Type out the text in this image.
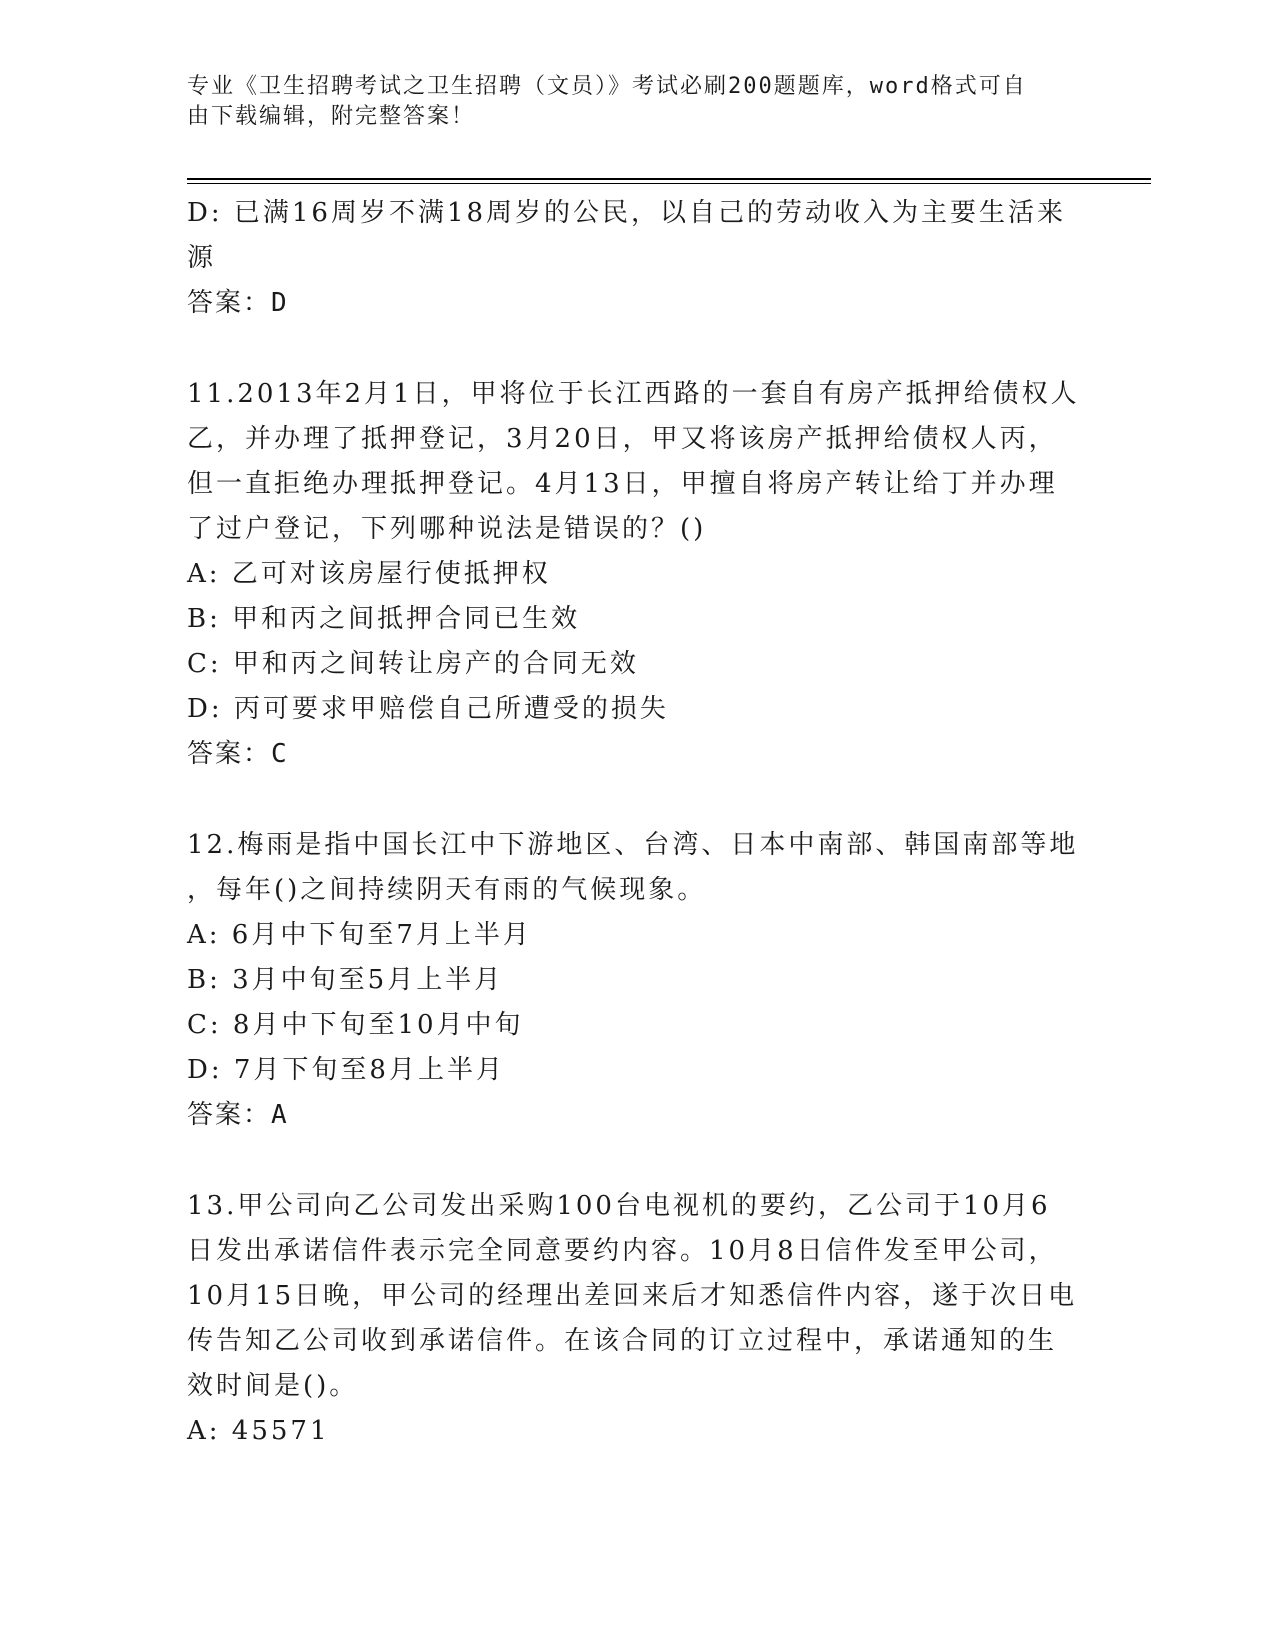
专业《卫生招聘考试之卫生招聘（文员）》考试必刷200题题库，word格式可自
由下载编辑，附完整答案！
D: 已满16周岁不满18周岁的公民，以自己的劳动收入为主要生活来
源
答案：D
11.2013年2月1日，甲将位于长江西路的一套自有房产抵押给债权人
乙，并办理了抵押登记，3月20日，甲又将该房产抵押给债权人丙，
但一直拒绝办理抵押登记。4月13日，甲擅自将房产转让给丁并办理
了过户登记，下列哪种说法是错误的？()
A: 乙可对该房屋行使抵押权
B: 甲和丙之间抵押合同已生效
C: 甲和丙之间转让房产的合同无效
D: 丙可要求甲赔偿自己所遭受的损失
答案：C
12.梅雨是指中国长江中下游地区、台湾、日本中南部、韩国南部等地
，每年()之间持续阴天有雨的气候现象。
A: 6月中下旬至7月上半月
B: 3月中旬至5月上半月
C: 8月中下旬至10月中旬
D: 7月下旬至8月上半月
答案：A
13.甲公司向乙公司发出采购100台电视机的要约，乙公司于10月6
日发出承诺信件表示完全同意要约内容。10月8日信件发至甲公司，
10月15日晚，甲公司的经理出差回来后才知悉信件内容，遂于次日电
传告知乙公司收到承诺信件。在该合同的订立过程中，承诺通知的生
效时间是()。
A: 45571
